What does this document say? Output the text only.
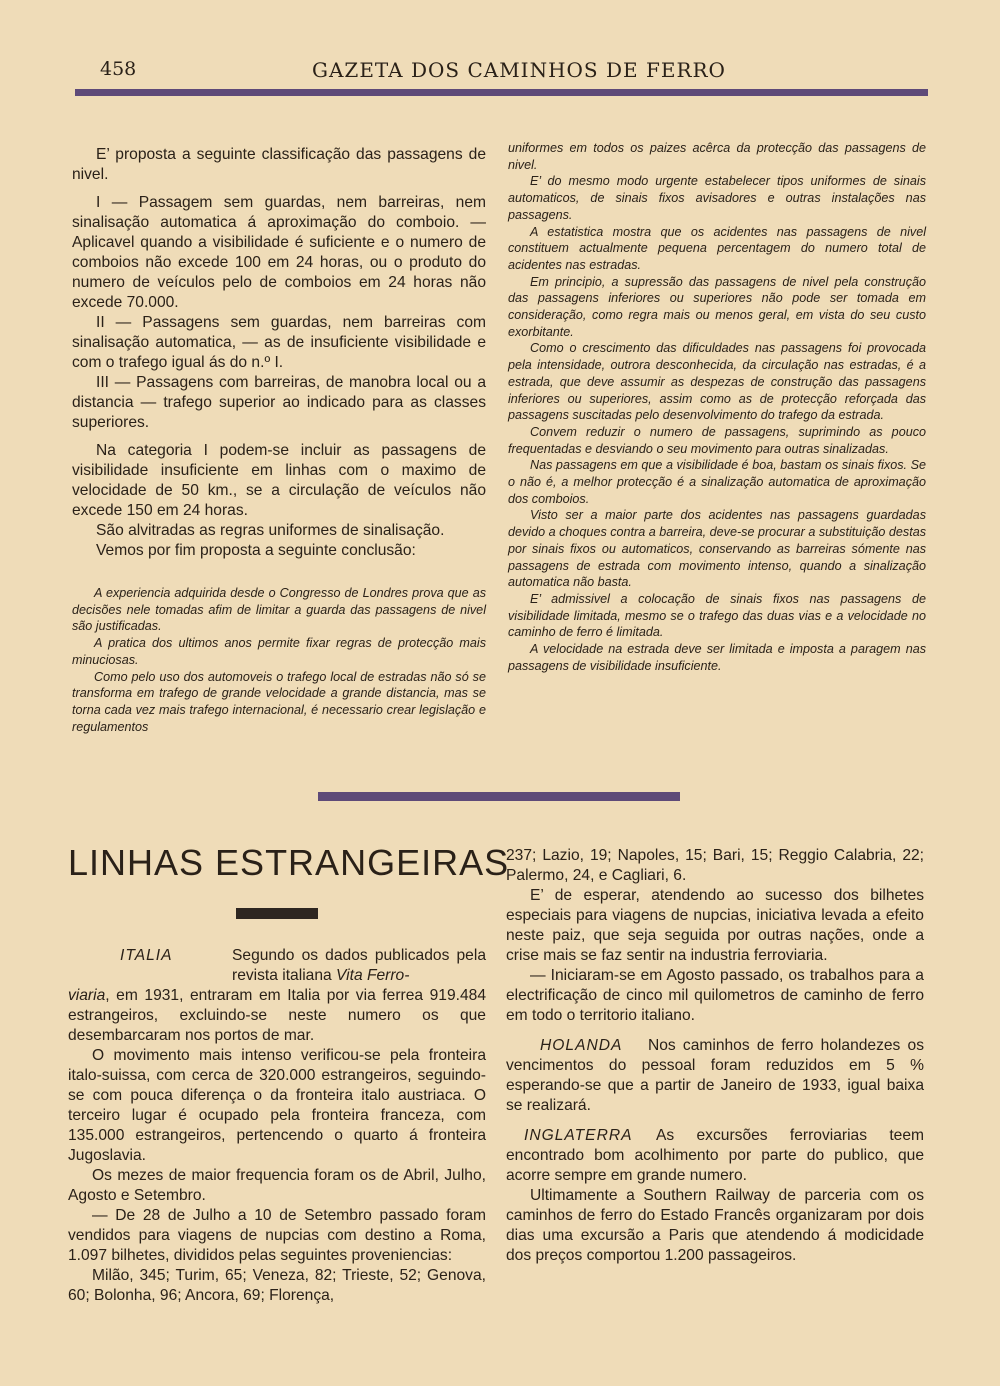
458	GAZETA DOS CAMINHOS DE FERRO

E’ proposta a seguinte classificação das passagens de nivel.

I — Passagem sem guardas, nem barreiras, nem sinalisação automatica á aproximação do comboio. — Aplicavel quando a visibilidade é suficiente e o numero de comboios não excede 100 em 24 horas, ou o produto do numero de veículos pelo de comboios em 24 horas não excede 70.000.

II — Passagens sem guardas, nem barreiras com sinalisação automatica, — as de insuficiente visibilidade e com o trafego igual ás do n.º I.

III — Passagens com barreiras, de manobra local ou a distancia — trafego superior ao indicado para as classes superiores.

Na categoria I podem-se incluir as passagens de visibilidade insuficiente em linhas com o maximo de velocidade de 50 km., se a circulação de veículos não excede 150 em 24 horas.

São alvitradas as regras uniformes de sinalisação.

Vemos por fim proposta a seguinte conclusão:

A experiencia adquirida desde o Congresso de Londres prova que as decisões nele tomadas afim de limitar a guarda das passagens de nivel são justificadas.

A pratica dos ultimos anos permite fixar regras de protecção mais minuciosas.

Como pelo uso dos automoveis o trafego local de estradas não só se transforma em trafego de grande velocidade a grande distancia, mas se torna cada vez mais trafego internacional, é necessario crear legislação e regulamentos

uniformes em todos os paizes acêrca da protecção das passagens de nivel.

E’ do mesmo modo urgente estabelecer tipos uniformes de sinais automaticos, de sinais fixos avisadores e outras instalações nas passagens.

A estatistica mostra que os acidentes nas passagens de nivel constituem actualmente pequena percentagem do numero total de acidentes nas estradas.

Em principio, a supressão das passagens de nivel pela construção das passagens inferiores ou superiores não pode ser tomada em consideração, como regra mais ou menos geral, em vista do seu custo exorbitante.

Como o crescimento das dificuldades nas passagens foi provocada pela intensidade, outrora desconhecida, da circulação nas estradas, é a estrada, que deve assumir as despezas de construção das passagens inferiores ou superiores, assim como as de protecção reforçada das passagens suscitadas pelo desenvolvimento do trafego da estrada.

Convem reduzir o numero de passagens, suprimindo as pouco frequentadas e desviando o seu movimento para outras sinalizadas.

Nas passagens em que a visibilidade é boa, bastam os sinais fixos. Se o não é, a melhor protecção é a sinalização automatica de aproximação dos comboios.

Visto ser a maior parte dos acidentes nas passagens guardadas devido a choques contra a barreira, deve-se procurar a substituição destas por sinais fixos ou automaticos, conservando as barreiras sómente nas passagens de estrada com movimento intenso, quando a sinalização automatica não basta.

E’ admissivel a colocação de sinais fixos nas passagens de visibilidade limitada, mesmo se o trafego das duas vias e a velocidade no caminho de ferro é limitada.

A velocidade na estrada deve ser limitada e imposta a paragem nas passagens de visibilidade insuficiente.

LINHAS ESTRANGEIRAS

ITALIA	Segundo os dados publicados pela revista italiana Vita Ferro-

viaria, em 1931, entraram em Italia por via ferrea 919.484 estrangeiros, excluindo-se neste numero os que desembarcaram nos portos de mar.

O movimento mais intenso verificou-se pela fronteira italo-suissa, com cerca de 320.000 estrangeiros, seguindo-se com pouca diferença o da fronteira italo austriaca. O terceiro lugar é ocupado pela fronteira franceza, com 135.000 estrangeiros, pertencendo o quarto á fronteira Jugoslavia.

Os mezes de maior frequencia foram os de Abril, Julho, Agosto e Setembro.

— De 28 de Julho a 10 de Setembro passado foram vendidos para viagens de nupcias com destino a Roma, 1.097 bilhetes, divididos pelas seguintes proveniencias:

Milão, 345; Turim, 65; Veneza, 82; Trieste, 52; Genova, 60; Bolonha, 96; Ancora, 69; Florença,

237; Lazio, 19; Napoles, 15; Bari, 15; Reggio Calabria, 22; Palermo, 24, e Cagliari, 6.

E’ de esperar, atendendo ao sucesso dos bilhetes especiais para viagens de nupcias, iniciativa levada a efeito neste paiz, que seja seguida por outras nações, onde a crise mais se faz sentir na industria ferroviaria.

— Iniciaram-se em Agosto passado, os trabalhos para a electrificação de cinco mil quilometros de caminho de ferro em todo o territorio italiano.

HOLANDA Nos caminhos de ferro holandezes os vencimentos do pessoal foram reduzidos em 5 % esperando-se que a partir de Janeiro de 1933, igual baixa se realizará.

INGLATERRA As excursões ferroviarias teem encontrado bom acolhimento por parte do publico, que acorre sempre em grande numero.

Ultimamente a Southern Railway de parceria com os caminhos de ferro do Estado Francês organizaram por dois dias uma excursão a Paris que atendendo á modicidade dos preços comportou 1.200 passageiros.
